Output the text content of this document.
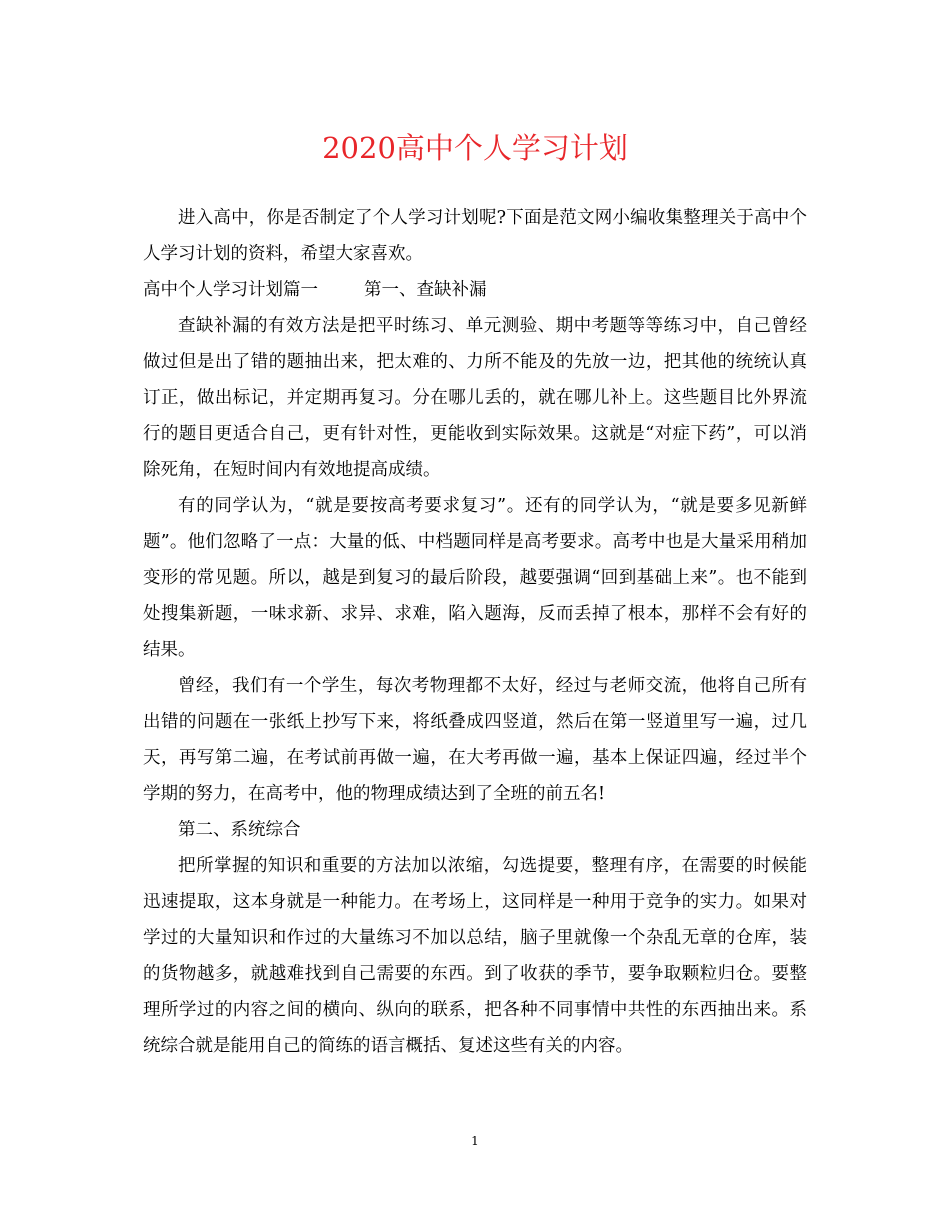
2020高中个人学习计划

进入高中，你是否制定了个人学习计划呢?下面是范文网小编收集整理关于高中个人学习计划的资料，希望大家喜欢。

高中个人学习计划篇一	第一、查缺补漏

查缺补漏的有效方法是把平时练习、单元测验、期中考题等等练习中，自己曾经做过但是出了错的题抽出来，把太难的、力所不能及的先放一边，把其他的统统认真订正，做出标记，并定期再复习。分在哪儿丢的，就在哪儿补上。这些题目比外界流行的题目更适合自己，更有针对性，更能收到实际效果。这就是“对症下药”，可以消除死角，在短时间内有效地提高成绩。

有的同学认为，“就是要按高考要求复习”。还有的同学认为，“就是要多见新鲜题”。他们忽略了一点：大量的低、中档题同样是高考要求。高考中也是大量采用稍加变形的常见题。所以，越是到复习的最后阶段，越要强调“回到基础上来”。也不能到处搜集新题，一味求新、求异、求难，陷入题海，反而丢掉了根本，那样不会有好的结果。

曾经，我们有一个学生，每次考物理都不太好，经过与老师交流，他将自己所有出错的问题在一张纸上抄写下来，将纸叠成四竖道，然后在第一竖道里写一遍，过几天，再写第二遍，在考试前再做一遍，在大考再做一遍，基本上保证四遍，经过半个学期的努力，在高考中，他的物理成绩达到了全班的前五名!

第二、系统综合

把所掌握的知识和重要的方法加以浓缩，勾选提要，整理有序，在需要的时候能迅速提取，这本身就是一种能力。在考场上，这同样是一种用于竞争的实力。如果对学过的大量知识和作过的大量练习不加以总结，脑子里就像一个杂乱无章的仓库，装的货物越多，就越难找到自己需要的东西。到了收获的季节，要争取颗粒归仓。要整理所学过的内容之间的横向、纵向的联系，把各种不同事情中共性的东西抽出来。系统综合就是能用自己的简练的语言概括、复述这些有关的内容。

1
